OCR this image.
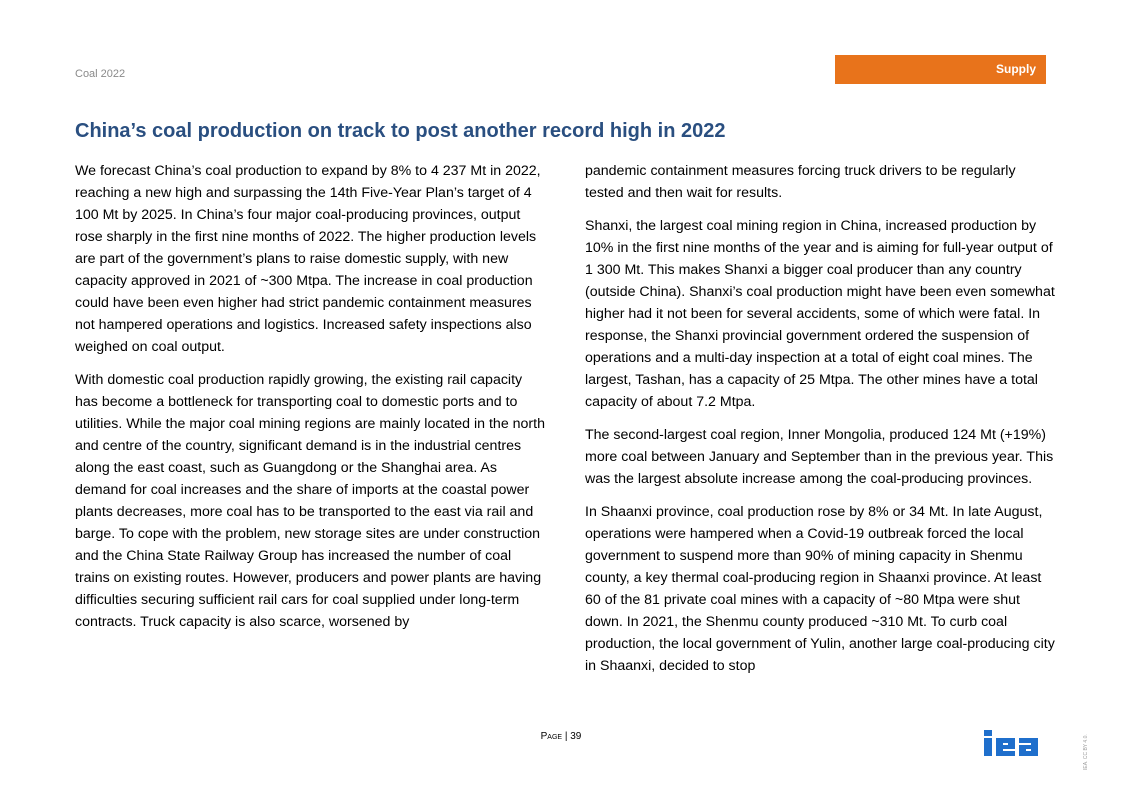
Coal 2022	Supply
China’s coal production on track to post another record high in 2022

We forecast China’s coal production to expand by 8% to 4 237 Mt in 2022, reaching a new high and surpassing the 14th Five-Year Plan’s target of 4 100 Mt by 2025. In China’s four major coal-producing provinces, output rose sharply in the first nine months of 2022. The higher production levels are part of the government’s plans to raise domestic supply, with new capacity approved in 2021 of ~300 Mtpa. The increase in coal production could have been even higher had strict pandemic containment measures not hampered operations and logistics. Increased safety inspections also weighed on coal output.

With domestic coal production rapidly growing, the existing rail capacity has become a bottleneck for transporting coal to domestic ports and to utilities. While the major coal mining regions are mainly located in the north and centre of the country, significant demand is in the industrial centres along the east coast, such as Guangdong or the Shanghai area. As demand for coal increases and the share of imports at the coastal power plants decreases, more coal has to be transported to the east via rail and barge. To cope with the problem, new storage sites are under construction and the China State Railway Group has increased the number of coal trains on existing routes. However, producers and power plants are having difficulties securing sufficient rail cars for coal supplied under long-term contracts. Truck capacity is also scarce, worsened by

pandemic containment measures forcing truck drivers to be regularly tested and then wait for results.

Shanxi, the largest coal mining region in China, increased production by 10% in the first nine months of the year and is aiming for full-year output of 1 300 Mt. This makes Shanxi a bigger coal producer than any country (outside China). Shanxi’s coal production might have been even somewhat higher had it not been for several accidents, some of which were fatal. In response, the Shanxi provincial government ordered the suspension of operations and a multi-day inspection at a total of eight coal mines. The largest, Tashan, has a capacity of 25 Mtpa. The other mines have a total capacity of about 7.2 Mtpa.

The second-largest coal region, Inner Mongolia, produced 124 Mt (+19%) more coal between January and September than in the previous year. This was the largest absolute increase among the coal-producing provinces.

In Shaanxi province, coal production rose by 8% or 34 Mt. In late August, operations were hampered when a Covid-19 outbreak forced the local government to suspend more than 90% of mining capacity in Shenmu county, a key thermal coal-producing region in Shaanxi province. At least 60 of the 81 private coal mines with a capacity of ~80 Mtpa were shut down. In 2021, the Shenmu county produced ~310 Mt. To curb coal production, the local government of Yulin, another large coal-producing city in Shaanxi, decided to stop

Page | 39	IEA. CC BY 4.0.
